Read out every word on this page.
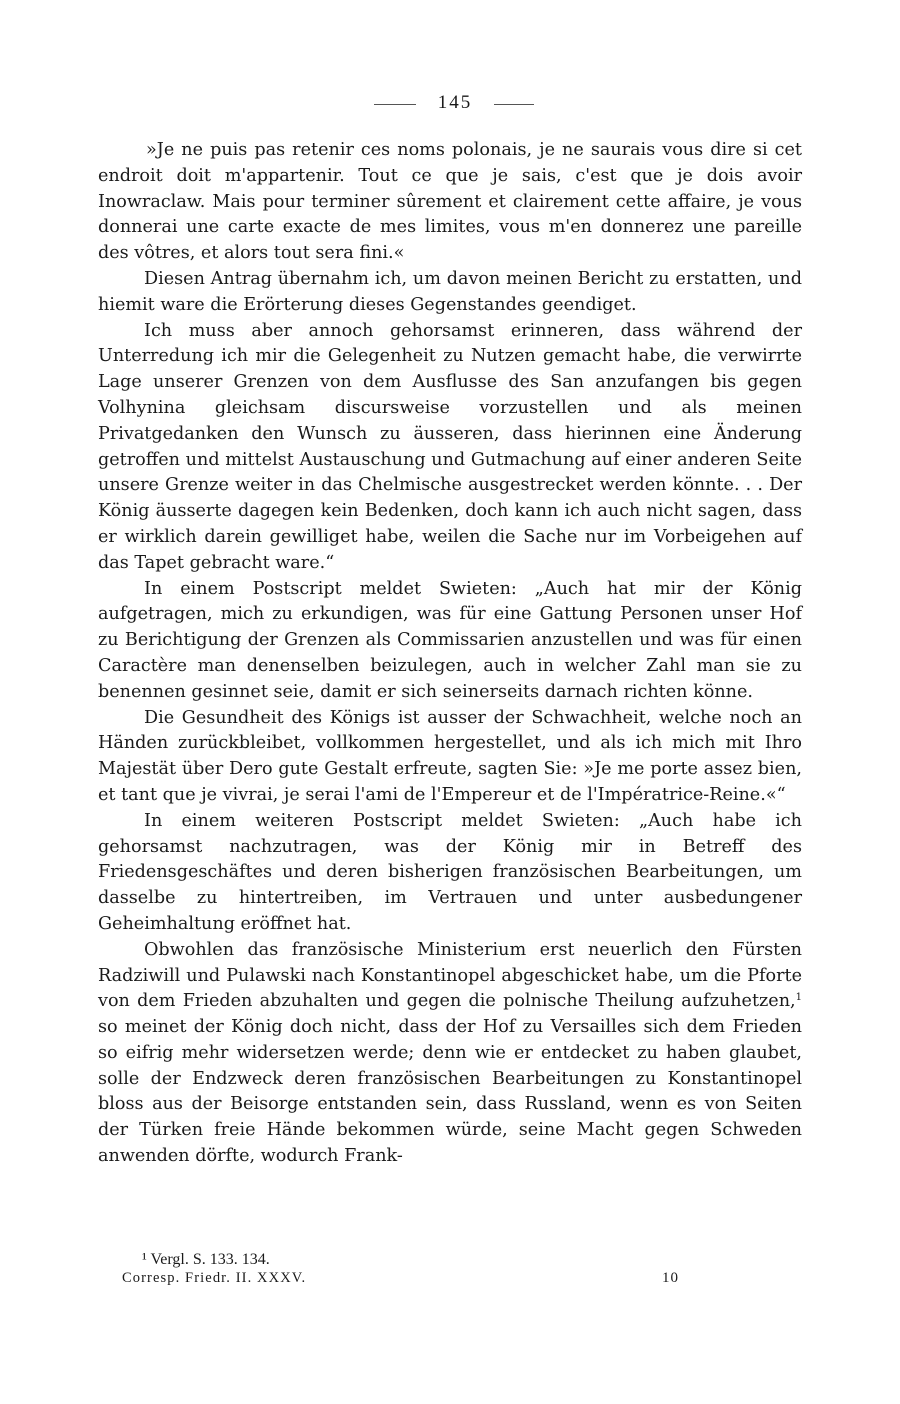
145

»Je ne puis pas retenir ces noms polonais, je ne saurais vous dire si cet endroit doit m'appartenir. Tout ce que je sais, c'est que je dois avoir Inowraclaw. Mais pour terminer sûrement et clairement cette affaire, je vous donnerai une carte exacte de mes limites, vous m'en donnerez une pareille des vôtres, et alors tout sera fini.«

Diesen Antrag übernahm ich, um davon meinen Bericht zu erstatten, und hiemit ware die Erörterung dieses Gegenstandes geendiget.

Ich muss aber annoch gehorsamst erinneren, dass während der Unterredung ich mir die Gelegenheit zu Nutzen gemacht habe, die verwirrte Lage unserer Grenzen von dem Ausflusse des San anzufangen bis gegen Volhynina gleichsam discursweise vorzustellen und als meinen Privatgedanken den Wunsch zu äusseren, dass hierinnen eine Änderung getroffen und mittelst Austauschung und Gutmachung auf einer anderen Seite unsere Grenze weiter in das Chelmische ausgestrecket werden könnte. . . Der König äusserte dagegen kein Bedenken, doch kann ich auch nicht sagen, dass er wirklich darein gewilliget habe, weilen die Sache nur im Vorbeigehen auf das Tapet gebracht ware.“

In einem Postscript meldet Swieten: „Auch hat mir der König aufgetragen, mich zu erkundigen, was für eine Gattung Personen unser Hof zu Berichtigung der Grenzen als Commissarien anzustellen und was für einen Caractère man denenselben beizulegen, auch in welcher Zahl man sie zu benennen gesinnet seie, damit er sich seinerseits darnach richten könne.

Die Gesundheit des Königs ist ausser der Schwachheit, welche noch an Händen zurückbleibet, vollkommen hergestellet, und als ich mich mit Ihro Majestät über Dero gute Gestalt erfreute, sagten Sie: »Je me porte assez bien, et tant que je vivrai, je serai l'ami de l'Empereur et de l'Impératrice-Reine.«“

In einem weiteren Postscript meldet Swieten: „Auch habe ich gehorsamst nachzutragen, was der König mir in Betreff des Friedensgeschäftes und deren bisherigen französischen Bearbeitungen, um dasselbe zu hintertreiben, im Vertrauen und unter ausbedungener Geheimhaltung eröffnet hat.

Obwohlen das französische Ministerium erst neuerlich den Fürsten Radziwill und Pulawski nach Konstantinopel abgeschicket habe, um die Pforte von dem Frieden abzuhalten und gegen die polnische Theilung aufzuhetzen,$^1$ so meinet der König doch nicht, dass der Hof zu Versailles sich dem Frieden so eifrig mehr widersetzen werde; denn wie er entdecket zu haben glaubet, solle der Endzweck deren französischen Bearbeitungen zu Konstantinopel bloss aus der Beisorge entstanden sein, dass Russland, wenn es von Seiten der Türken freie Hände bekommen würde, seine Macht gegen Schweden anwenden dörfte, wodurch Frank-

¹ Vergl. S. 133. 134.
Corresp. Friedr. II. XXXV.	10
